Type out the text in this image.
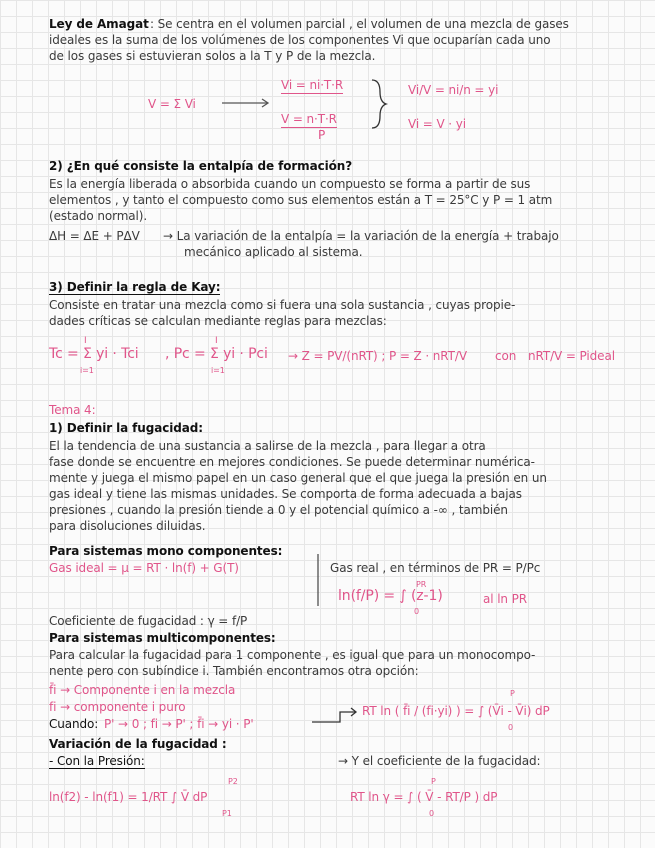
Ley de Amagat : Se centra en el volumen parcial , el volumen de una mezcla de gases
ideales es la suma de los volúmenes de los componentes Vi que ocuparían cada uno
de los gases si estuvieran solos a la T y P de la mezcla.
V = Σ Vi
Vi = ni·T·R
V = n·T·R
P
Vi/V = ni/n = yi
Vi = V · yi
2) ¿En qué consiste la entalpía de formación?
Es la energía liberada o absorbida cuando un compuesto se forma a partir de sus
elementos , y tanto el compuesto como sus elementos están a T = 25°C y P = 1 atm
(estado normal).
ΔH = ΔE + PΔV → La variación de la entalpía = la variación de la energía + trabajo
mecánico aplicado al sistema.
3) Definir la regla de Kay:
Consiste en tratar una mezcla como si fuera una sola sustancia , cuyas propie-
dades críticas se calculan mediante reglas para mezclas:
Tc = Σ yi · Tci
I
i=1
, Pc = Σ yi · Pci
I
i=1
→ Z = PV/(nRT) ; P = Z · nRT/V con nRT/V = Pideal
Tema 4:
1) Definir la fugacidad:
El la tendencia de una sustancia a salirse de la mezcla , para llegar a otra
fase donde se encuentre en mejores condiciones. Se puede determinar numérica-
mente y juega el mismo papel en un caso general que el que juega la presión en un
gas ideal y tiene las mismas unidades. Se comporta de forma adecuada a bajas
presiones , cuando la presión tiende a 0 y el potencial químico a -∞ , también
para disoluciones diluidas.
Para sistemas mono componentes:
Gas ideal = μ = RT · ln(f) + G(T)	Gas real , en términos de PR = P/Pc
ln(f/P) = ∫ (z-1)
PR
0
al ln PR
Coeficiente de fugacidad : γ = f/P
Para sistemas multicomponentes:
Para calcular la fugacidad para 1 componente , es igual que para un monocompo-
nente pero con subíndice i. También encontramos otra opción:
f̄i → Componente i en la mezcla
fi → componente i puro
Cuando: P' → 0 ; fi → P' ; f̄i → yi · P'
RT ln ( f̄i / (fi·yi) ) = ∫ (V̄i - V̄i) dP
P
0
Variación de la fugacidad :
- Con la Presión:	→ Y el coeficiente de la fugacidad:
ln(f2) - ln(f1) = 1/RT ∫ V̄ dP
P2
P1
RT ln γ = ∫ ( V̄ - RT/P ) dP
P
0
